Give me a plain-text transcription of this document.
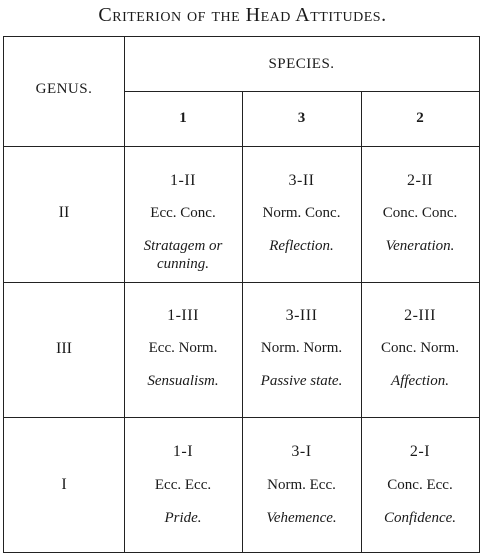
Criterion of the Head Attitudes.
GENUS.
SPECIES.
1	3	2
II
1-II
Ecc. Conc.
Stratagem or cunning.
3-II
Norm. Conc.
Reflection.
2-II
Conc. Conc.
Veneration.
III
1-III
Ecc. Norm.
Sensualism.
3-III
Norm. Norm.
Passive state.
2-III
Conc. Norm.
Affection.
I
1-I
Ecc. Ecc.
Pride.
3-I
Norm. Ecc.
Vehemence.
2-I
Conc. Ecc.
Confidence.
